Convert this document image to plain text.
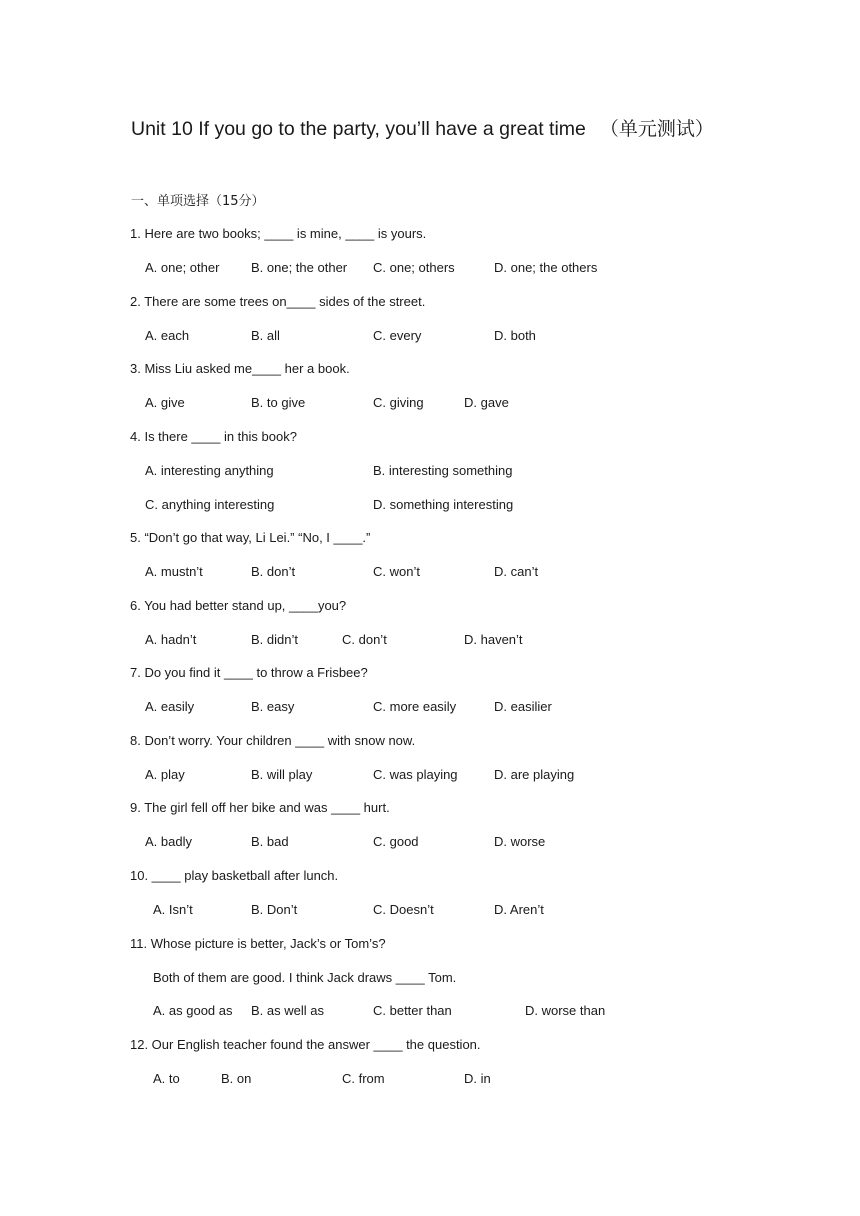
Unit 10 If you go to the party, you’ll have a great time （单元测试）
一、单项选择（15分）
1. Here are two books; ____ is mine, ____ is yours.
A. one; other B. one; the other C. one; others	D. one; the others
2. There are some trees on____ sides of the street.
A. each	B. all	C. every	D. both
3. Miss Liu asked me____ her a book.
A. give	B. to give	C. giving	D. gave
4. Is there ____ in this book?
A. interesting anything	B. interesting something
C. anything interesting	D. something interesting
5. “Don’t go that way, Li Lei.” “No, I ____.”
A. mustn’t	B. don’t	C. won’t	D. can’t
6. You had better stand up, ____you?
A. hadn’t	B. didn’t	C. don’t	D. haven’t
7. Do you find it ____ to throw a Frisbee?
A. easily	B. easy	C. more easily	D. easilier
8. Don’t worry. Your children ____ with snow now.
A. play	B. will play	C. was playing	D. are playing
9. The girl fell off her bike and was ____ hurt.
A. badly	B. bad	C. good	D. worse
10. ____ play basketball after lunch.
A. Isn’t	B. Don’t	C. Doesn’t	D. Aren’t
11. Whose picture is better, Jack’s or Tom’s?
Both of them are good. I think Jack draws ____ Tom.
A. as good as B. as well as	C. better than	D. worse than
12. Our English teacher found the answer ____ the question.
A. to	B. on	C. from	D. in
